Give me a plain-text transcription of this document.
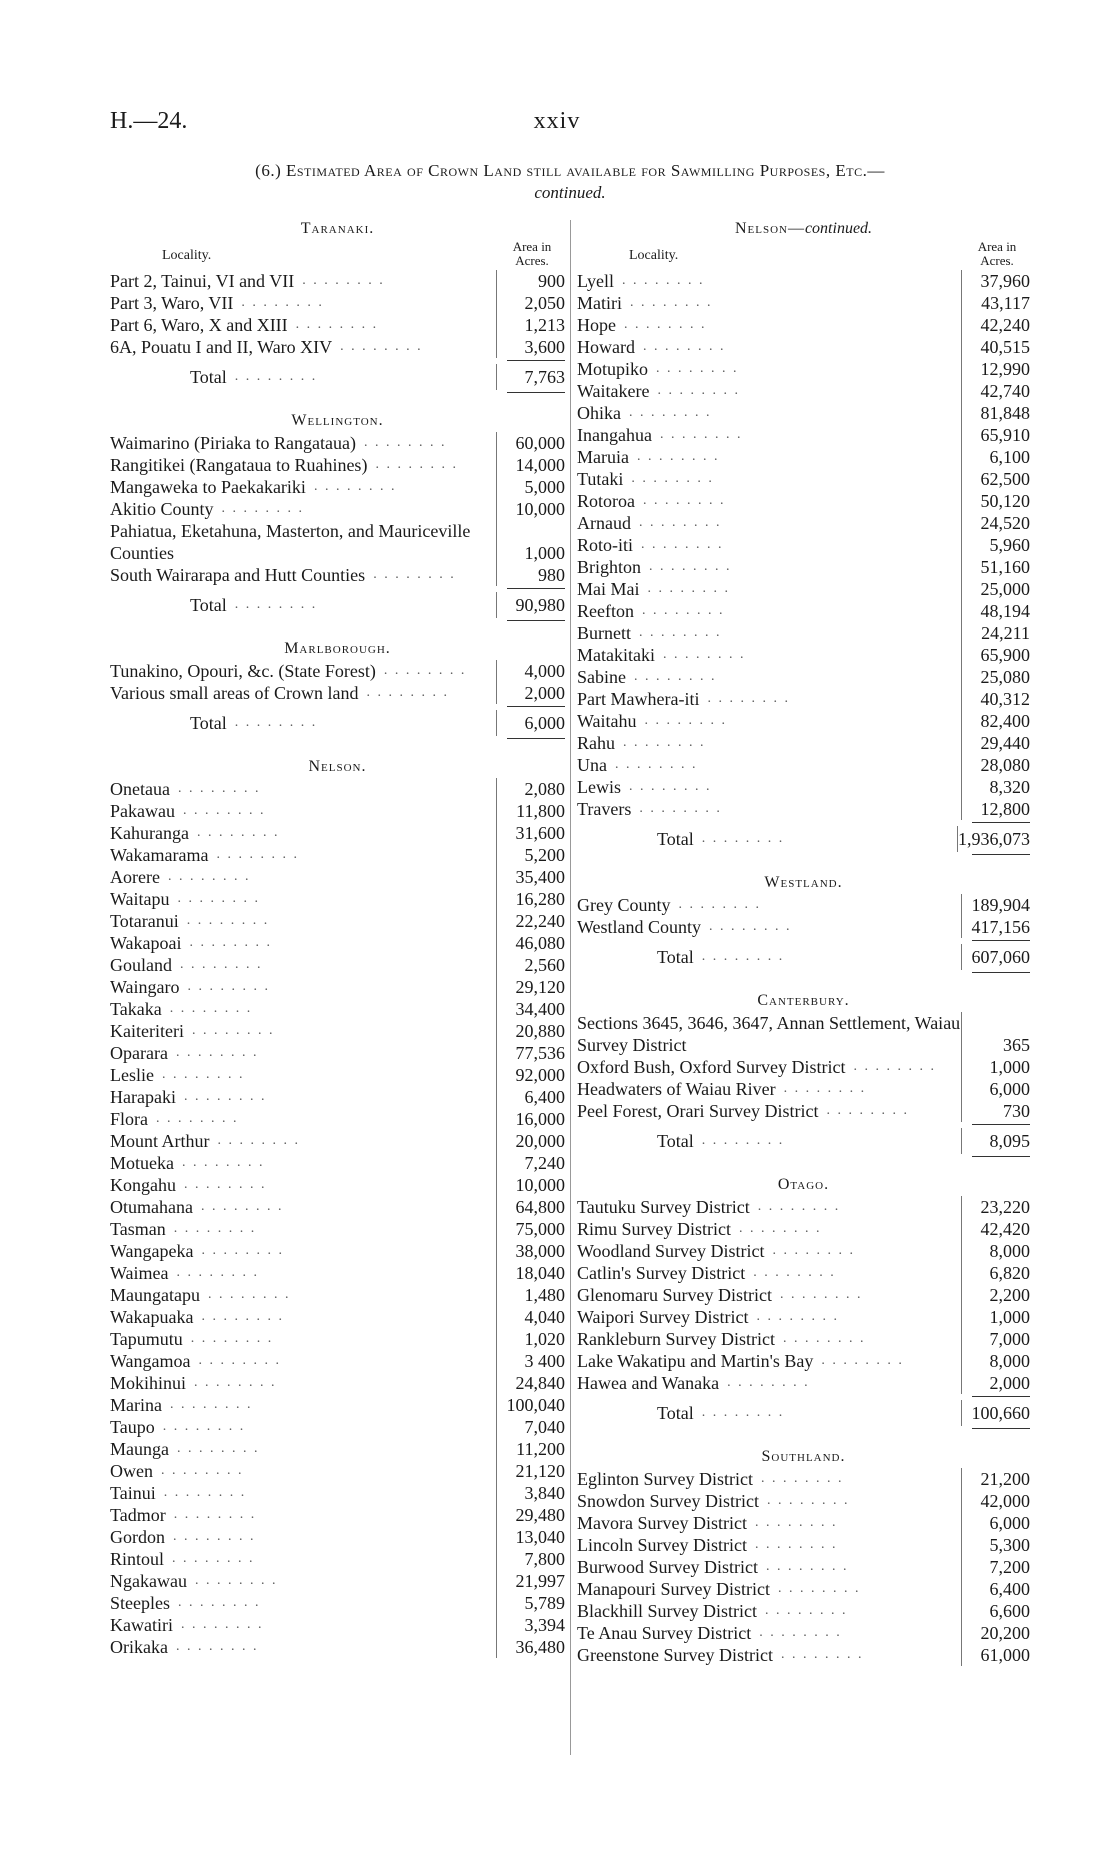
H.—24.	xxiv
(6.) Estimated Area of Crown Land still available for Sawmilling Purposes, Etc.—
continued.
Taranaki.
Locality.
Area in Acres.
Part 2, Tainui, VI and VII . . . . . . . .	900
Part 3, Waro, VII . . . . . . . .	2,050
Part 6, Waro, X and XIII . . . . . . . .	1,213
6A, Pouatu I and II, Waro XIV . . . . . . . .	3,600
Total . . . . . . . .	7,763
Wellington.
Waimarino (Piriaka to Rangataua) . . . . . . . .	60,000
Rangitikei (Rangataua to Ruahines) . . . . . . . .	14,000
Mangaweka to Paekakariki . . . . . . . .	5,000
Akitio County . . . . . . . .	10,000
Pahiatua, Eketahuna, Masterton, and Mauriceville Counties	1,000
South Wairarapa and Hutt Counties . . . . . . . .	980
Total . . . . . . . .	90,980
Marlborough.
Tunakino, Opouri, &c. (State Forest) . . . . . . . .	4,000
Various small areas of Crown land . . . . . . . .	2,000
Total . . . . . . . .	6,000
Nelson.
Onetaua . . . . . . . .	2,080
Pakawau . . . . . . . .	11,800
Kahuranga . . . . . . . .	31,600
Wakamarama . . . . . . . .	5,200
Aorere . . . . . . . .	35,400
Waitapu . . . . . . . .	16,280
Totaranui . . . . . . . .	22,240
Wakapoai . . . . . . . .	46,080
Gouland . . . . . . . .	2,560
Waingaro . . . . . . . .	29,120
Takaka . . . . . . . .	34,400
Kaiteriteri . . . . . . . .	20,880
Oparara . . . . . . . .	77,536
Leslie . . . . . . . .	92,000
Harapaki . . . . . . . .	6,400
Flora . . . . . . . .	16,000
Mount Arthur . . . . . . . .	20,000
Motueka . . . . . . . .	7,240
Kongahu . . . . . . . .	10,000
Otumahana . . . . . . . .	64,800
Tasman . . . . . . . .	75,000
Wangapeka . . . . . . . .	38,000
Waimea . . . . . . . .	18,040
Maungatapu . . . . . . . .	1,480
Wakapuaka . . . . . . . .	4,040
Tapumutu . . . . . . . .	1,020
Wangamoa . . . . . . . .	3 400
Mokihinui . . . . . . . .	24,840
Marina . . . . . . . .	100,040
Taupo . . . . . . . .	7,040
Maunga . . . . . . . .	11,200
Owen . . . . . . . .	21,120
Tainui . . . . . . . .	3,840
Tadmor . . . . . . . .	29,480
Gordon . . . . . . . .	13,040
Rintoul . . . . . . . .	7,800
Ngakawau . . . . . . . .	21,997
Steeples . . . . . . . .	5,789
Kawatiri . . . . . . . .	3,394
Orikaka . . . . . . . .	36,480
Nelson—continued.
Locality.
Area in Acres.
Lyell . . . . . . . .	37,960
Matiri . . . . . . . .	43,117
Hope . . . . . . . .	42,240
Howard . . . . . . . .	40,515
Motupiko . . . . . . . .	12,990
Waitakere . . . . . . . .	42,740
Ohika . . . . . . . .	81,848
Inangahua . . . . . . . .	65,910
Maruia . . . . . . . .	6,100
Tutaki . . . . . . . .	62,500
Rotoroa . . . . . . . .	50,120
Arnaud . . . . . . . .	24,520
Roto-iti . . . . . . . .	5,960
Brighton . . . . . . . .	51,160
Mai Mai . . . . . . . .	25,000
Reefton . . . . . . . .	48,194
Burnett . . . . . . . .	24,211
Matakitaki . . . . . . . .	65,900
Sabine . . . . . . . .	25,080
Part Mawhera-iti . . . . . . . .	40,312
Waitahu . . . . . . . .	82,400
Rahu . . . . . . . .	29,440
Una . . . . . . . .	28,080
Lewis . . . . . . . .	8,320
Travers . . . . . . . .	12,800
Total . . . . . . . .	1,936,073
Westland.
Grey County . . . . . . . .	189,904
Westland County . . . . . . . .	417,156
Total . . . . . . . .	607,060
Canterbury.
Sections 3645, 3646, 3647, Annan Settlement, Waiau Survey District	365
Oxford Bush, Oxford Survey District . . . . . . . .	1,000
Headwaters of Waiau River . . . . . . . .	6,000
Peel Forest, Orari Survey District . . . . . . . .	730
Total . . . . . . . .	8,095
Otago.
Tautuku Survey District . . . . . . . .	23,220
Rimu Survey District . . . . . . . .	42,420
Woodland Survey District . . . . . . . .	8,000
Catlin's Survey District . . . . . . . .	6,820
Glenomaru Survey District . . . . . . . .	2,200
Waipori Survey District . . . . . . . .	1,000
Rankleburn Survey District . . . . . . . .	7,000
Lake Wakatipu and Martin's Bay . . . . . . . .	8,000
Hawea and Wanaka . . . . . . . .	2,000
Total . . . . . . . .	100,660
Southland.
Eglinton Survey District . . . . . . . .	21,200
Snowdon Survey District . . . . . . . .	42,000
Mavora Survey District . . . . . . . .	6,000
Lincoln Survey District . . . . . . . .	5,300
Burwood Survey District . . . . . . . .	7,200
Manapouri Survey District . . . . . . . .	6,400
Blackhill Survey District . . . . . . . .	6,600
Te Anau Survey District . . . . . . . .	20,200
Greenstone Survey District . . . . . . . .	61,000
